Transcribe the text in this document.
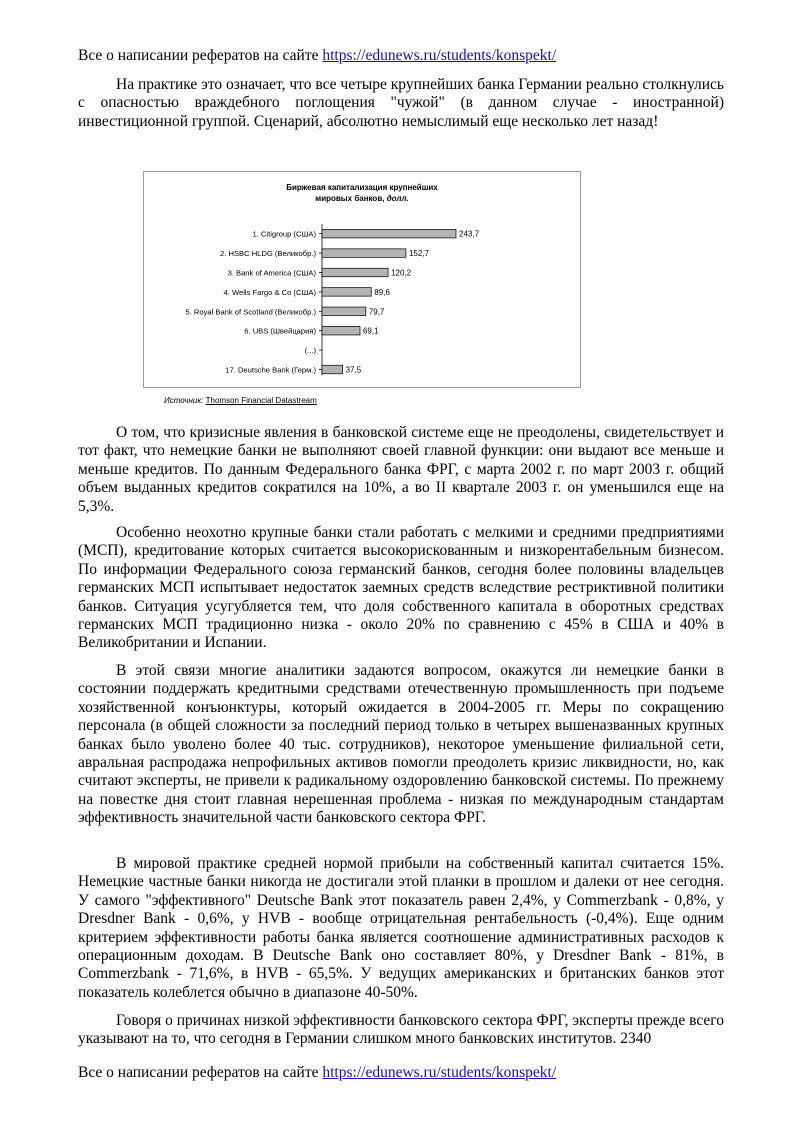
Все о написании рефератов на сайте https://edunews.ru/students/konspekt/

На практике это означает, что все четыре крупнейших банка Германии реально столкнулись с опасностью враждебного поглощения "чужой" (в данном случае - иностранной) инвестиционной группой. Сценарий, абсолютно немыслимый еще несколько лет назад!

Биржевая капитализация крупнейших
мировых банков, долл.
1. Citigroup (США)	243,7
2. HSBC HLDG (Великобр.)	152,7
3. Bank of America (США)	120,2
4. Wells Fargo & Co (США)	89,6
5. Royal Bank of Scotland (Великобр.)	79,7
6. UBS (Швейцария)	69,1
(...)
17. Deutsche Bank (Герм.)	37,5
Источник: Thomson Financial Datastream

О том, что кризисные явления в банковской системе еще не преодолены, свидетельствует и тот факт, что немецкие банки не выполняют своей главной функции: они выдают все меньше и меньше кредитов. По данным Федерального банка ФРГ, с марта 2002 г. по март 2003 г. общий объем выданных кредитов сократился на 10%, а во II квартале 2003 г. он уменьшился еще на 5,3%.

Особенно неохотно крупные банки стали работать с мелкими и средними предприятиями (МСП), кредитование которых считается высокорискованным и низкорентабельным бизнесом. По информации Федерального союза германский банков, сегодня более половины владельцев германских МСП испытывает недостаток заемных средств вследствие рестриктивной политики банков. Ситуация усугубляется тем, что доля собственного капитала в оборотных средствах германских МСП традиционно низка - около 20% по сравнению с 45% в США и 40% в Великобритании и Испании.

В этой связи многие аналитики задаются вопросом, окажутся ли немецкие банки в состоянии поддержать кредитными средствами отечественную промышленность при подъеме хозяйственной конъюнктуры, который ожидается в 2004-2005 гг. Меры по сокращению персонала (в общей сложности за последний период только в четырех вышеназванных крупных банках было уволено более 40 тыс. сотрудников), некоторое уменьшение филиальной сети, авральная распродажа непрофильных активов помогли преодолеть кризис ликвидности, но, как считают эксперты, не привели к радикальному оздоровлению банковской системы. По прежнему на повестке дня стоит главная нерешенная проблема - низкая по международным стандартам эффективность значительной части банковского сектора ФРГ.

В мировой практике средней нормой прибыли на собственный капитал считается 15%. Немецкие частные банки никогда не достигали этой планки в прошлом и далеки от нее сегодня. У самого "эффективного" Deutsche Bank этот показатель равен 2,4%, у Commerzbank - 0,8%, у Dresdner Bank - 0,6%, у HVB - вообще отрицательная рентабельность (-0,4%). Еще одним критерием эффективности работы банка является соотношение административных расходов к операционным доходам. В Deutsche Bank оно составляет 80%, у Dresdner Bank - 81%, в Commerzbank - 71,6%, в HVB - 65,5%. У ведущих американских и британских банков этот показатель колеблется обычно в диапазоне 40-50%.

Говоря о причинах низкой эффективности банковского сектора ФРГ, эксперты прежде всего указывают на то, что сегодня в Германии слишком много банковских институтов. 2340

Все о написании рефератов на сайте https://edunews.ru/students/konspekt/
